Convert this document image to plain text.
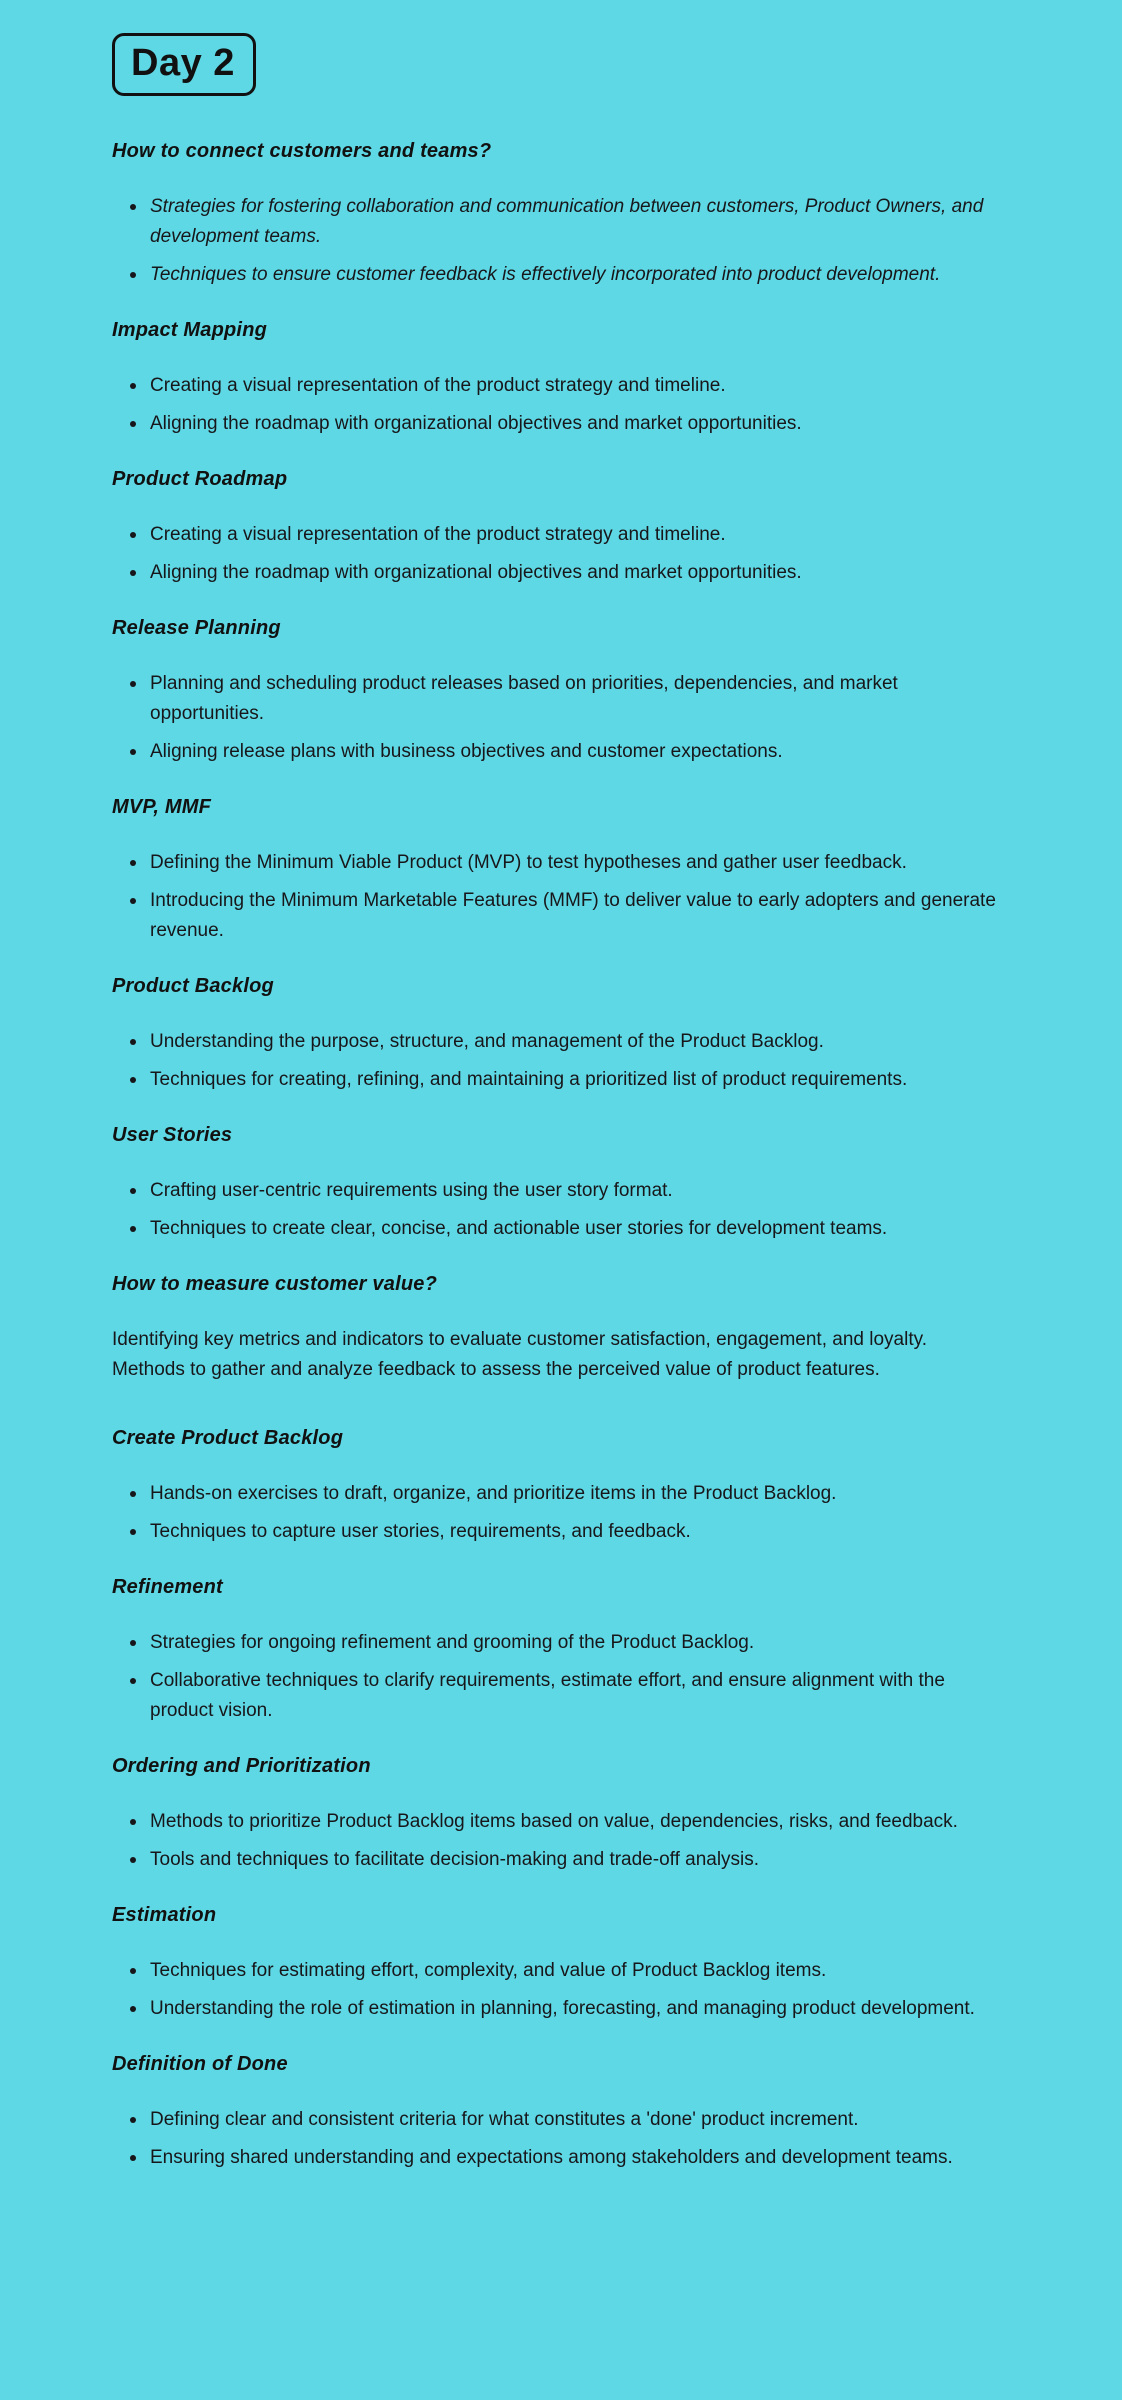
Day 2
How to connect customers and teams?
Strategies for fostering collaboration and communication between customers, Product Owners, and development teams.
Techniques to ensure customer feedback is effectively incorporated into product development.
Impact Mapping
Creating a visual representation of the product strategy and timeline.
Aligning the roadmap with organizational objectives and market opportunities.
Product Roadmap
Creating a visual representation of the product strategy and timeline.
Aligning the roadmap with organizational objectives and market opportunities.
Release Planning
Planning and scheduling product releases based on priorities, dependencies, and market opportunities.
Aligning release plans with business objectives and customer expectations.
MVP, MMF
Defining the Minimum Viable Product (MVP) to test hypotheses and gather user feedback.
Introducing the Minimum Marketable Features (MMF) to deliver value to early adopters and generate revenue.
Product Backlog
Understanding the purpose, structure, and management of the Product Backlog.
Techniques for creating, refining, and maintaining a prioritized list of product requirements.
User Stories
Crafting user-centric requirements using the user story format.
Techniques to create clear, concise, and actionable user stories for development teams.
How to measure customer value?

Identifying key metrics and indicators to evaluate customer satisfaction, engagement, and loyalty.

Methods to gather and analyze feedback to assess the perceived value of product features.

Create Product Backlog
Hands-on exercises to draft, organize, and prioritize items in the Product Backlog.
Techniques to capture user stories, requirements, and feedback.
Refinement
Strategies for ongoing refinement and grooming of the Product Backlog.
Collaborative techniques to clarify requirements, estimate effort, and ensure alignment with the product vision.
Ordering and Prioritization
Methods to prioritize Product Backlog items based on value, dependencies, risks, and feedback.
Tools and techniques to facilitate decision-making and trade-off analysis.
Estimation
Techniques for estimating effort, complexity, and value of Product Backlog items.
Understanding the role of estimation in planning, forecasting, and managing product development.
Definition of Done
Defining clear and consistent criteria for what constitutes a 'done' product increment.
Ensuring shared understanding and expectations among stakeholders and development teams.
